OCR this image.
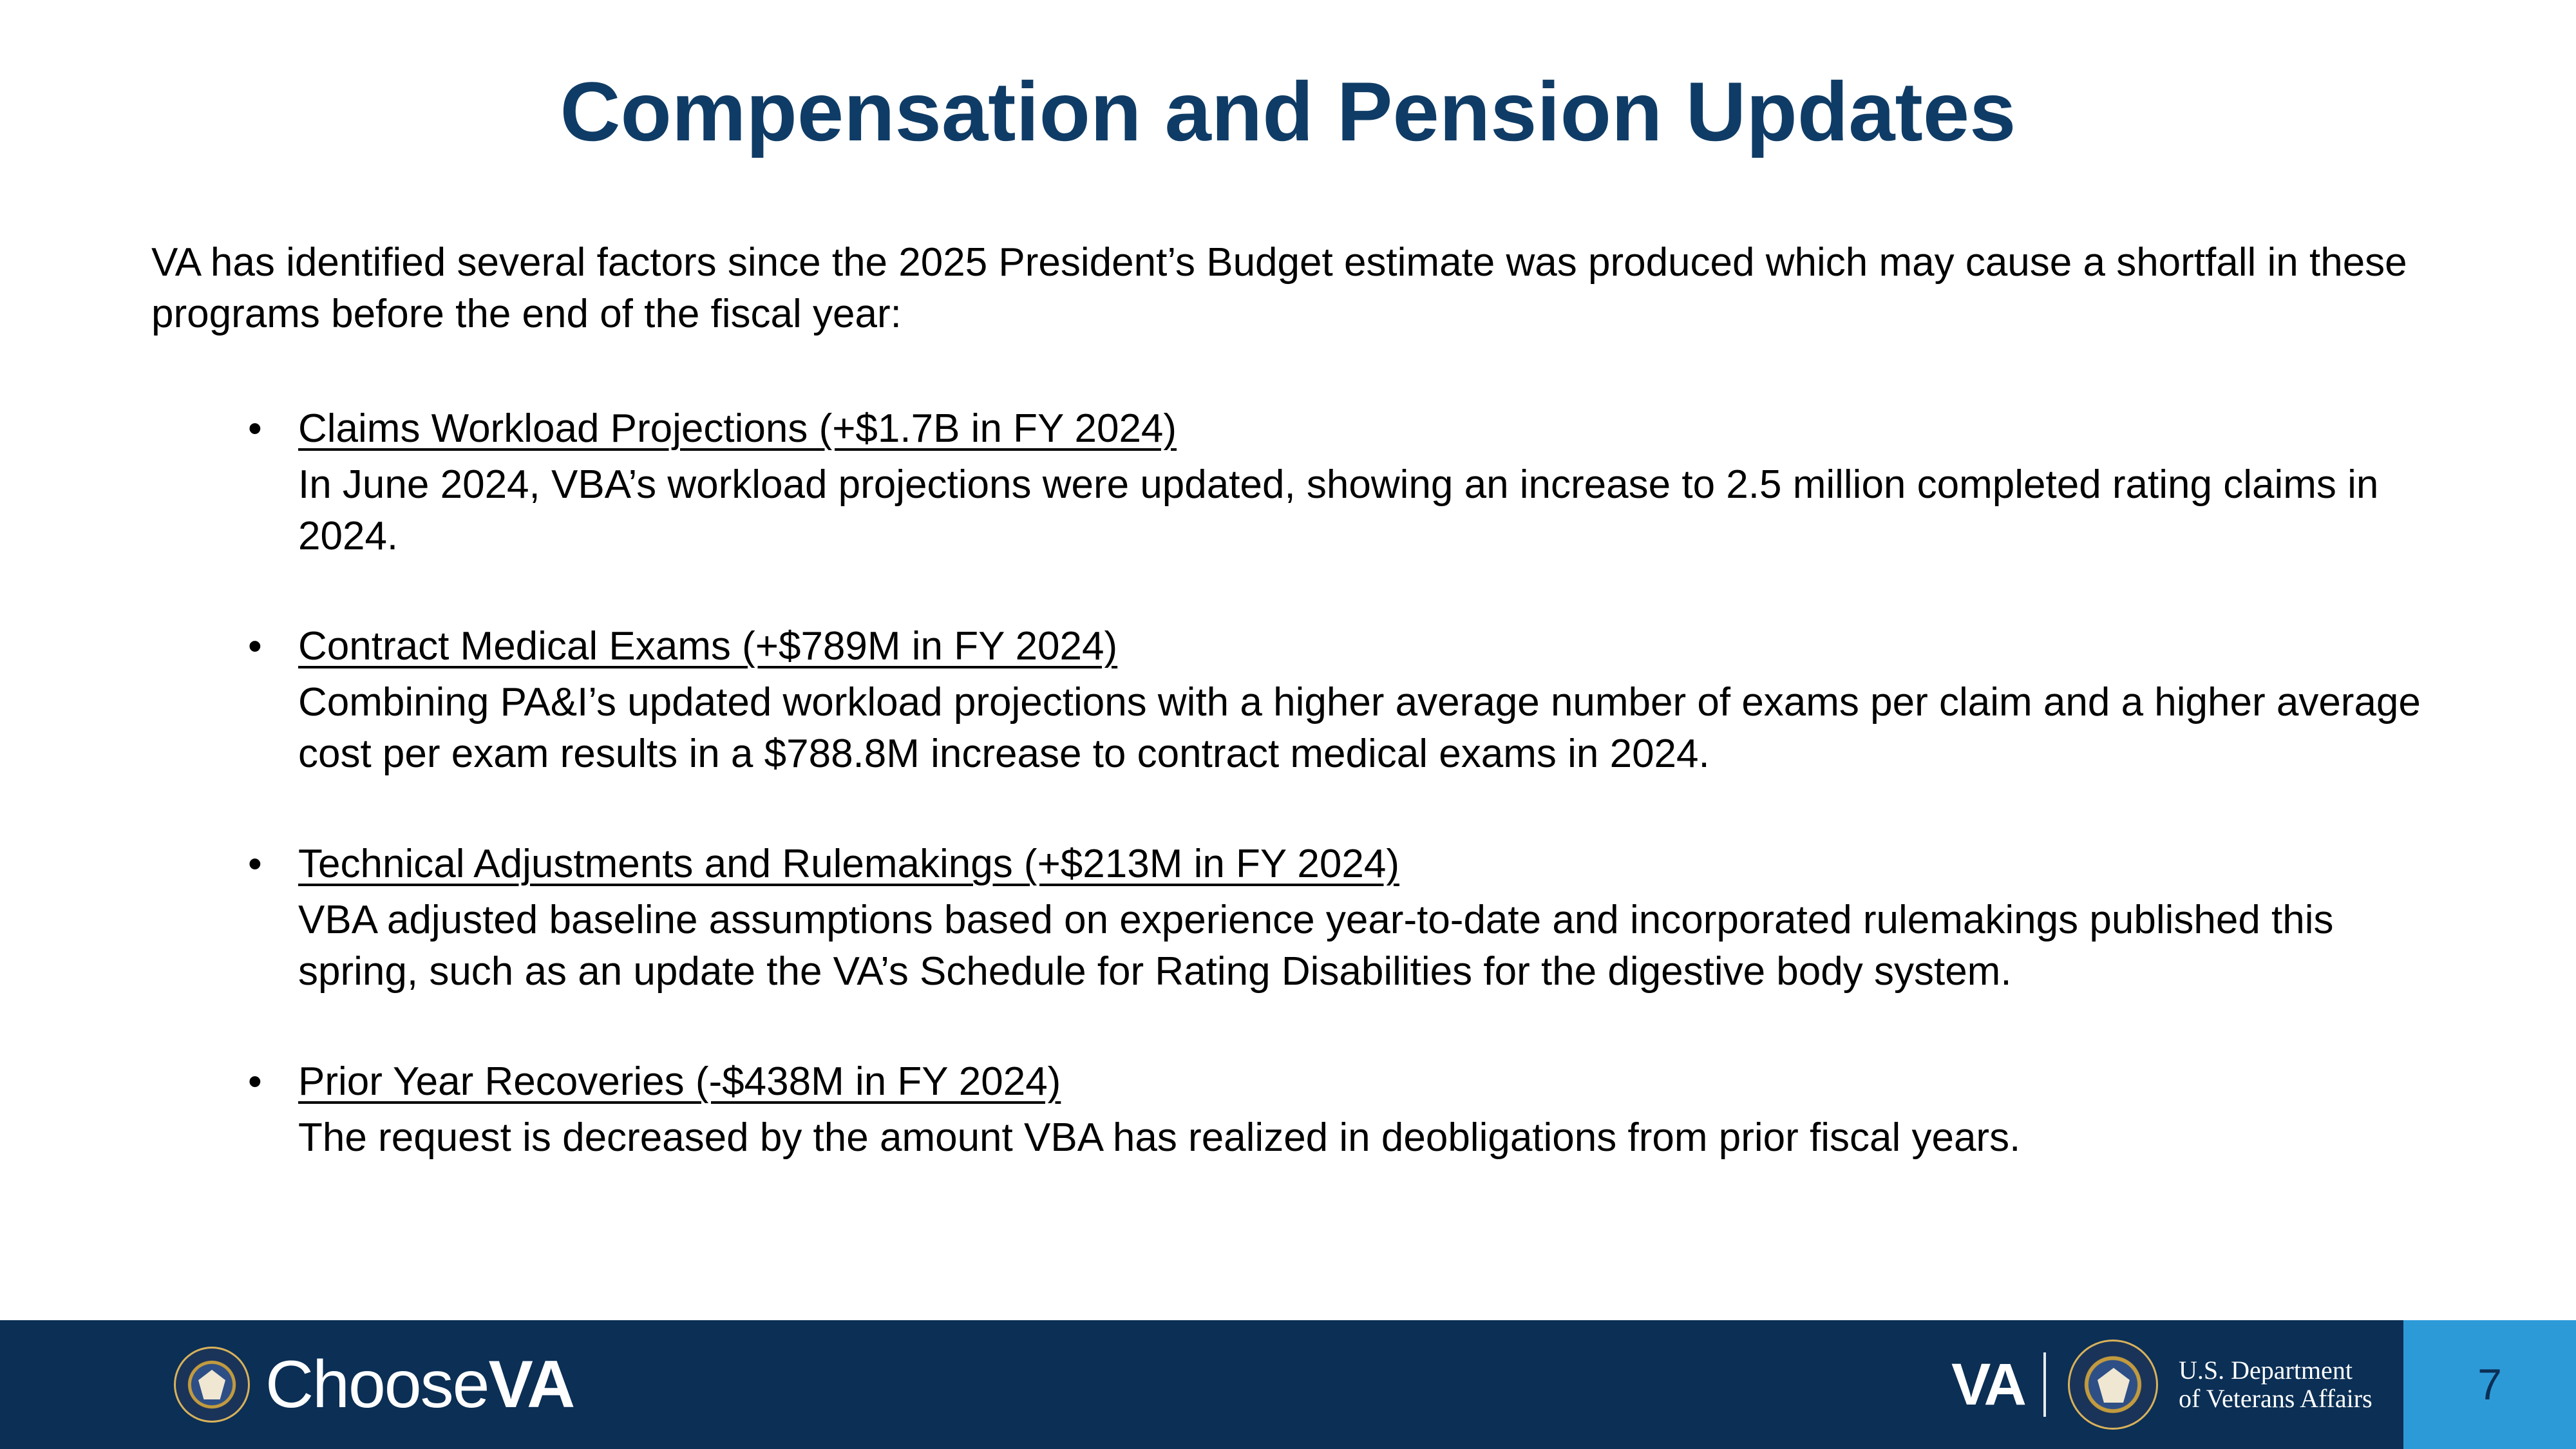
Compensation and Pension Updates
VA has identified several factors since the 2025 President’s Budget estimate was produced which may cause a shortfall in these programs before the end of the fiscal year:
• Claims Workload Projections (+$1.7B in FY 2024)
In June 2024, VBA’s workload projections were updated, showing an increase to 2.5 million completed rating claims in 2024.
• Contract Medical Exams (+$789M in FY 2024)
Combining PA&I’s updated workload projections with a higher average number of exams per claim and a higher average cost per exam results in a $788.8M increase to contract medical exams in 2024.
• Technical Adjustments and Rulemakings (+$213M in FY 2024)
VBA adjusted baseline assumptions based on experience year-to-date and incorporated rulemakings published this spring, such as an update the VA’s Schedule for Rating Disabilities for the digestive body system.
• Prior Year Recoveries (-$438M in FY 2024)
The request is decreased by the amount VBA has realized in deobligations from prior fiscal years.
ChooseVA	VA	U.S. Department
of Veterans Affairs	7
